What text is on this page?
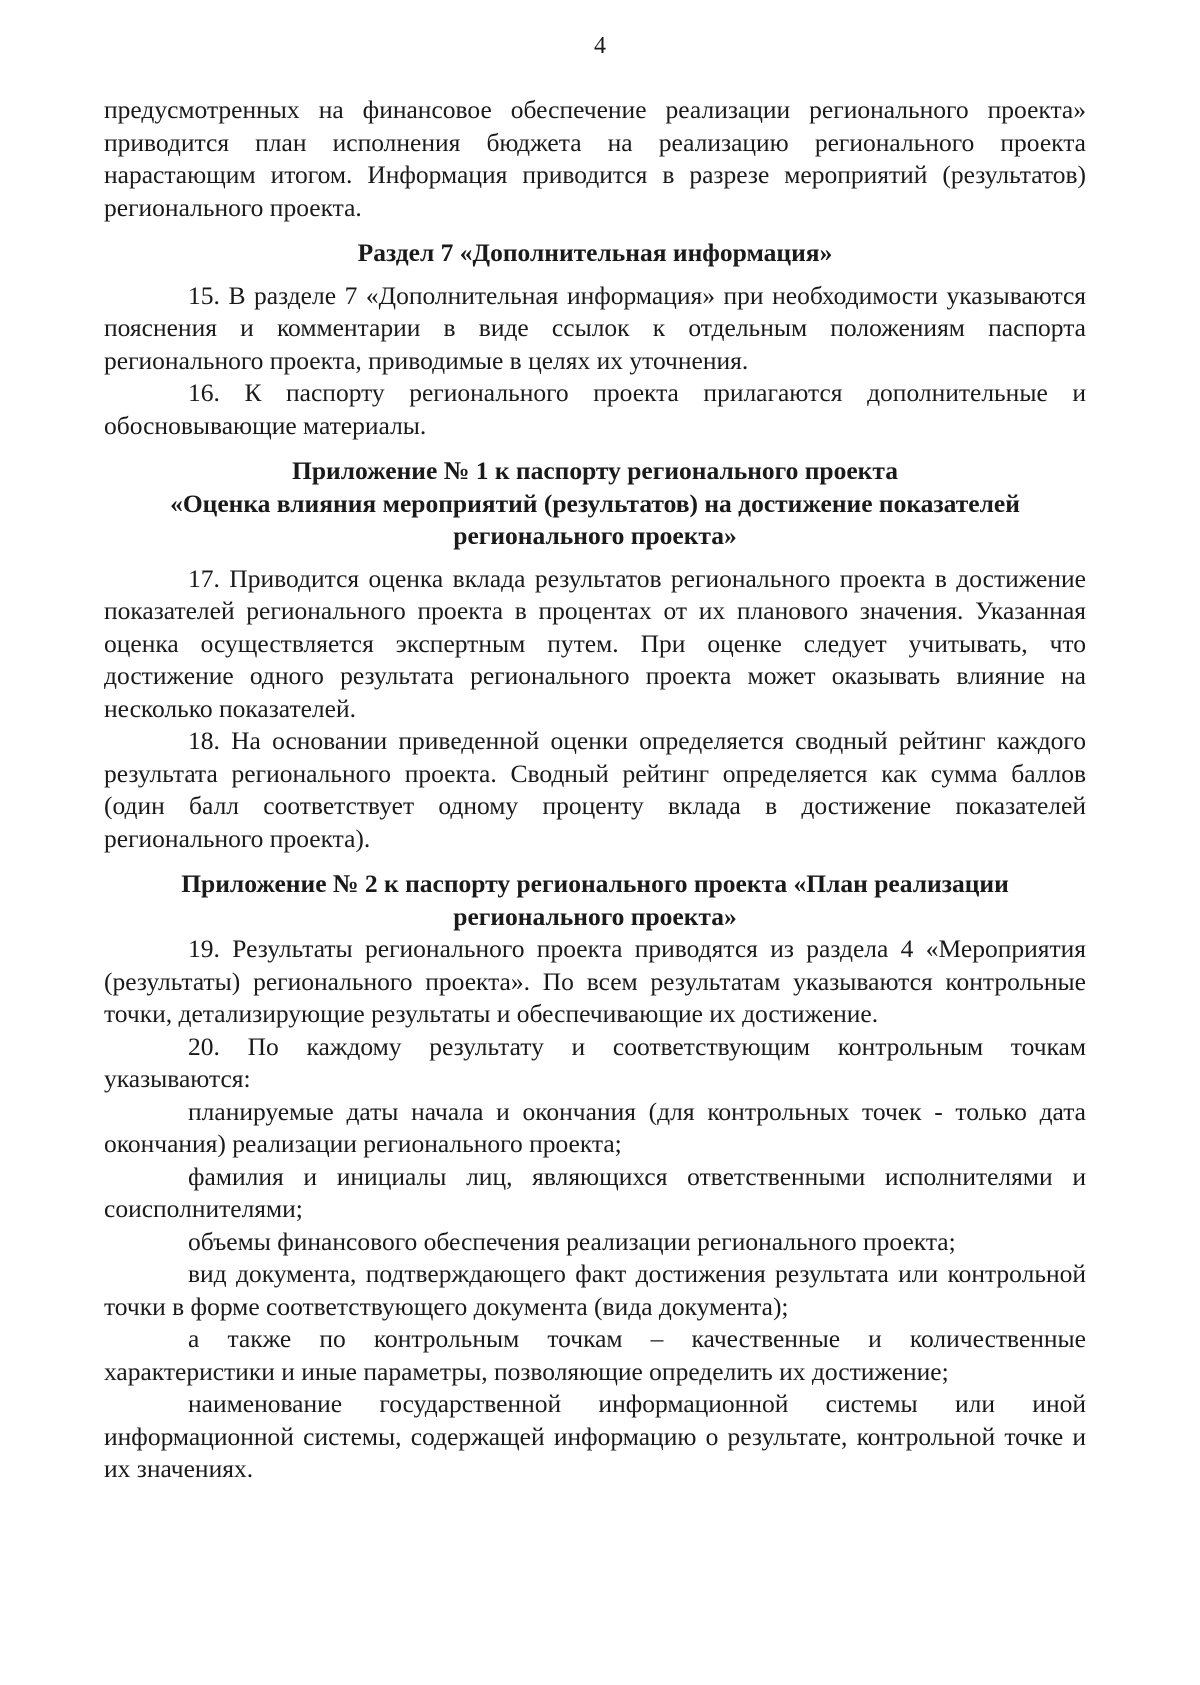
4

предусмотренных на финансовое обеспечение реализации регионального проекта» приводится план исполнения бюджета на реализацию регионального проекта нарастающим итогом. Информация приводится в разрезе мероприятий (результатов) регионального проекта.

Раздел 7 «Дополнительная информация»

15. В разделе 7 «Дополнительная информация» при необходимости указываются пояснения и комментарии в виде ссылок к отдельным положениям паспорта регионального проекта, приводимые в целях их уточнения.

16. К паспорту регионального проекта прилагаются дополнительные и обосновывающие материалы.

Приложение № 1 к паспорту регионального проекта
«Оценка влияния мероприятий (результатов) на достижение показателей
регионального проекта»

17. Приводится оценка вклада результатов регионального проекта в достижение показателей регионального проекта в процентах от их планового значения. Указанная оценка осуществляется экспертным путем. При оценке следует учитывать, что достижение одного результата регионального проекта может оказывать влияние на несколько показателей.

18. На основании приведенной оценки определяется сводный рейтинг каждого результата регионального проекта. Сводный рейтинг определяется как сумма баллов (один балл соответствует одному проценту вклада в достижение показателей регионального проекта).

Приложение № 2 к паспорту регионального проекта «План реализации
регионального проекта»

19. Результаты регионального проекта приводятся из раздела 4 «Мероприятия (результаты) регионального проекта». По всем результатам указываются контрольные точки, детализирующие результаты и обеспечивающие их достижение.

20. По каждому результату и соответствующим контрольным точкам указываются:

планируемые даты начала и окончания (для контрольных точек - только дата окончания) реализации регионального проекта;

фамилия и инициалы лиц, являющихся ответственными исполнителями и соисполнителями;

объемы финансового обеспечения реализации регионального проекта;

вид документа, подтверждающего факт достижения результата или контрольной точки в форме соответствующего документа (вида документа);

а также по контрольным точкам – качественные и количественные характеристики и иные параметры, позволяющие определить их достижение;

наименование государственной информационной системы или иной информационной системы, содержащей информацию о результате, контрольной точке и их значениях.
